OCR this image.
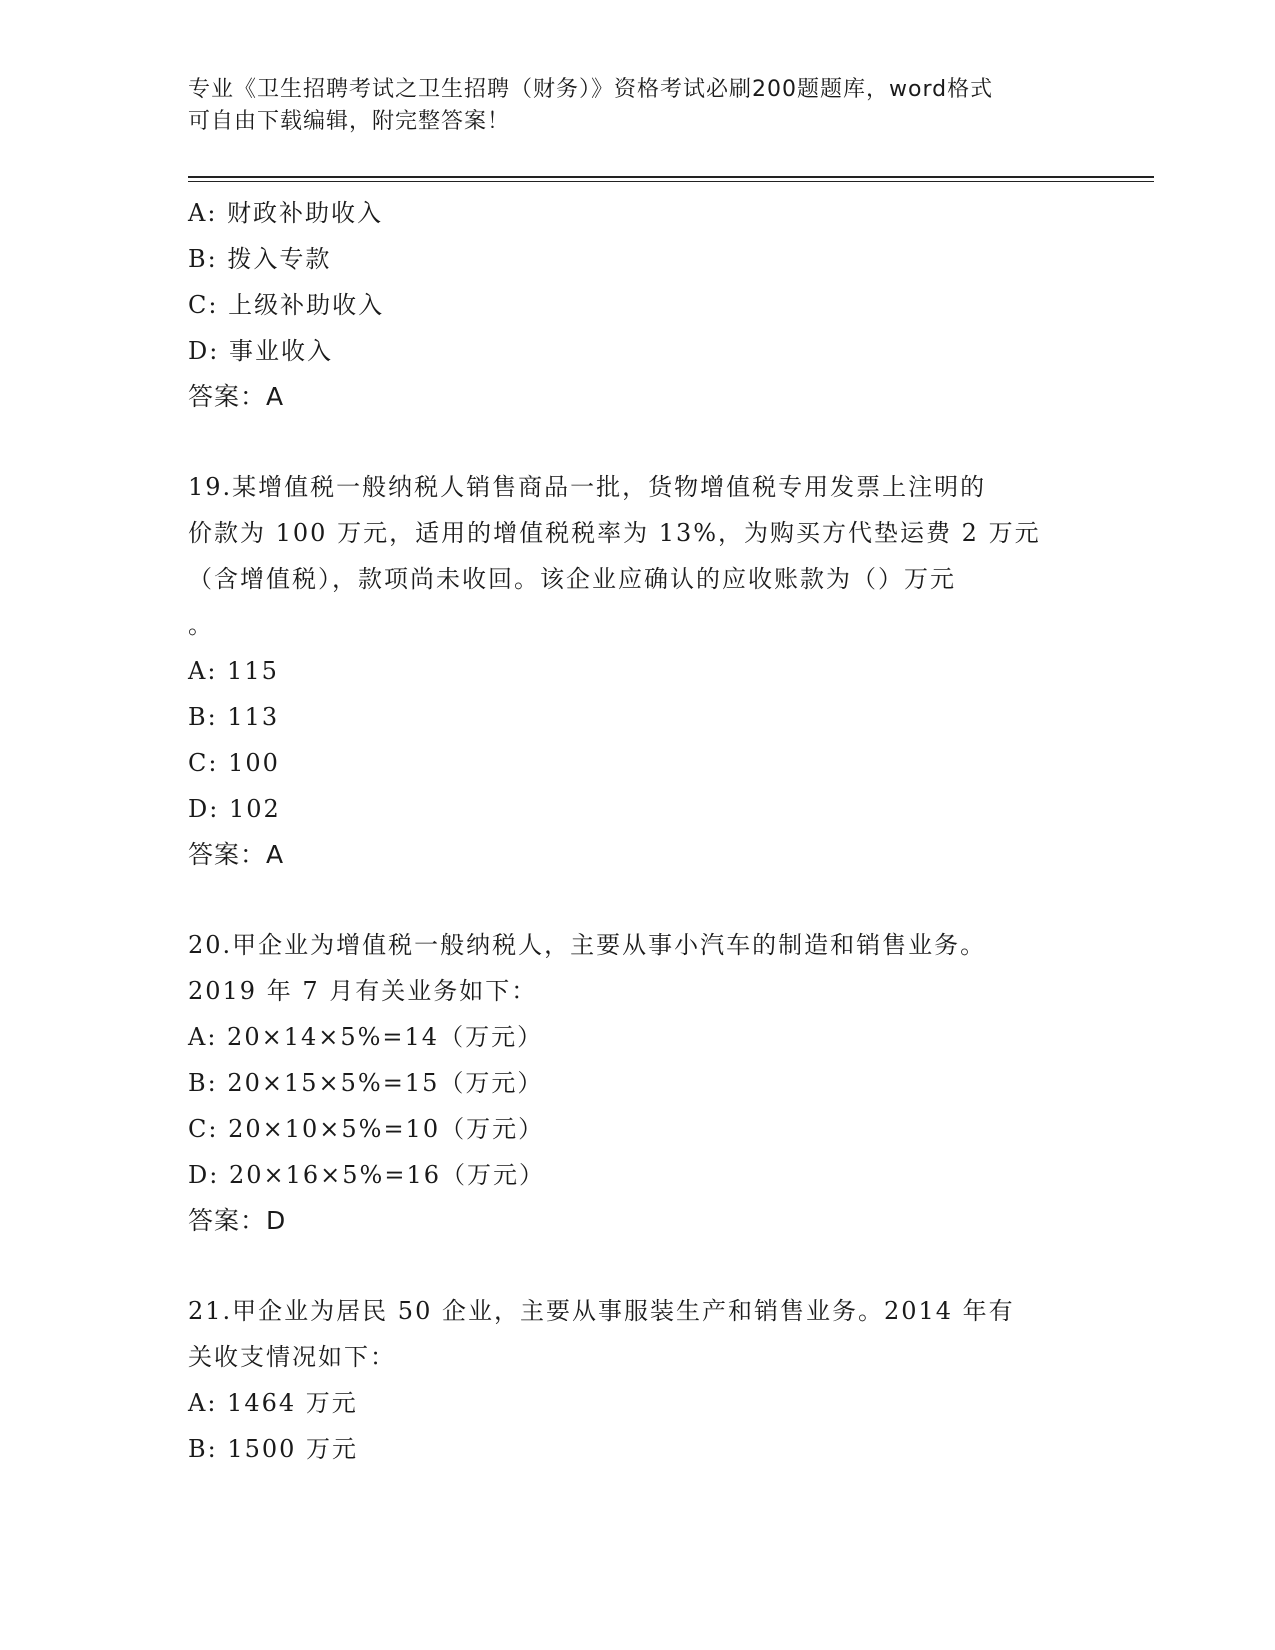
专业《卫生招聘考试之卫生招聘（财务）》资格考试必刷200题题库，word格式
可自由下载编辑，附完整答案！
A: 财政补助收入
B: 拨入专款
C: 上级补助收入
D: 事业收入
答案：A
19.某增值税一般纳税人销售商品一批，货物增值税专用发票上注明的
价款为 100 万元，适用的增值税税率为 13%，为购买方代垫运费 2 万元
（含增值税），款项尚未收回。该企业应确认的应收账款为（）万元
。
A: 115
B: 113
C: 100
D: 102
答案：A
20.甲企业为增值税一般纳税人，主要从事小汽车的制造和销售业务。
2019 年 7 月有关业务如下：
A: 20×14×5%=14（万元）
B: 20×15×5%=15（万元）
C: 20×10×5%=10（万元）
D: 20×16×5%=16（万元）
答案：D
21.甲企业为居民 50 企业，主要从事服装生产和销售业务。2014 年有
关收支情况如下：
A: 1464 万元
B: 1500 万元
